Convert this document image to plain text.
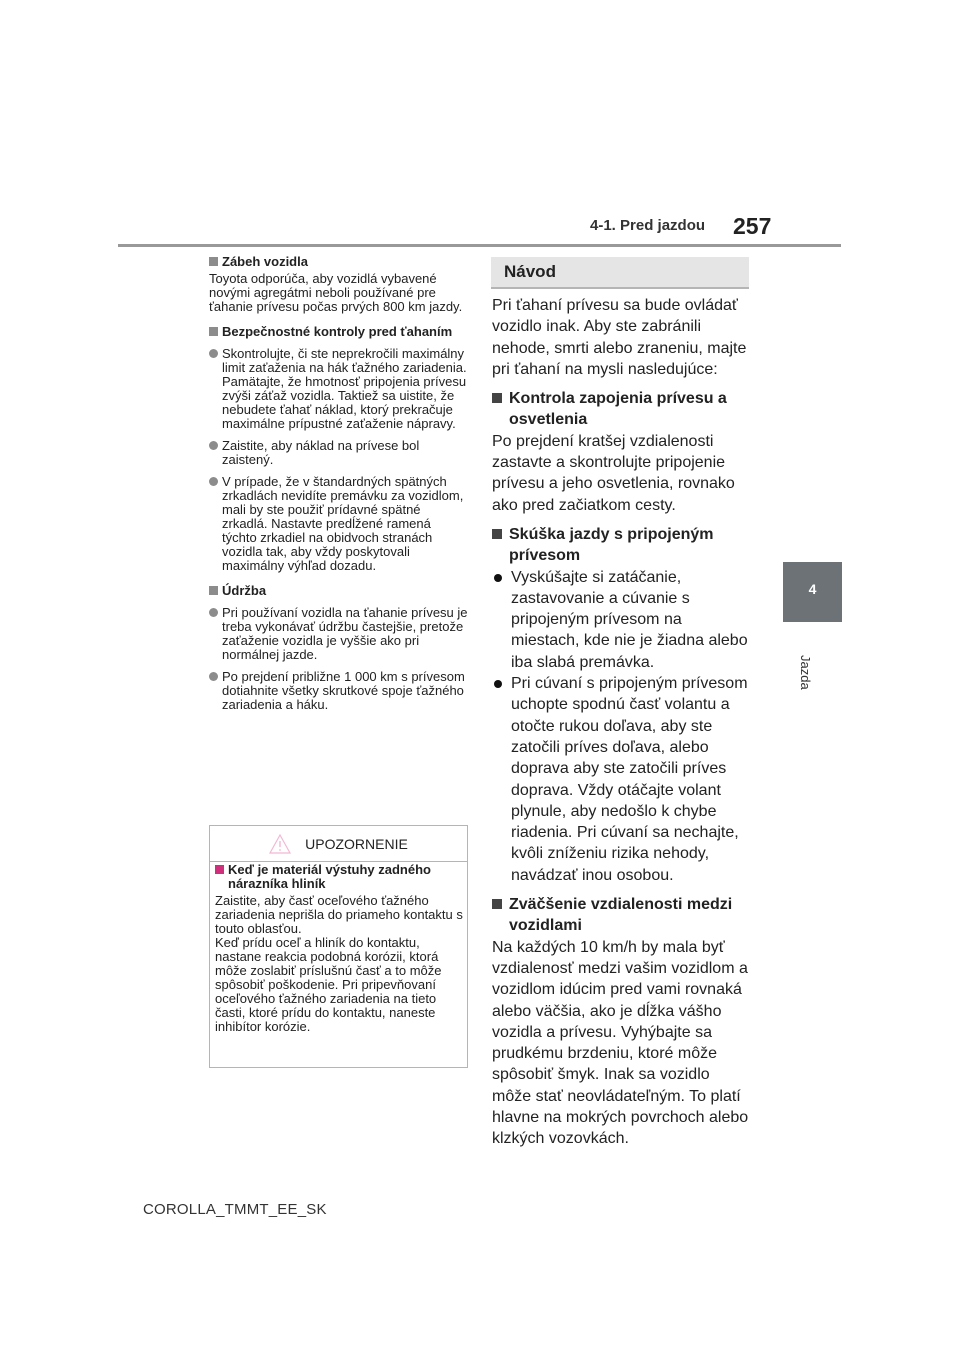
4-1. Pred jazdou 257
4
Jazda
Zábeh vozidla
Toyota odporúča, aby vozidlá vybavené novými agregátmi neboli používané pre ťahanie prívesu počas prvých 800 km jazdy.
Bezpečnostné kontroly pred ťahaním
Skontrolujte, či ste neprekročili maximálny limit zaťaženia na hák ťažného zariadenia. Pamätajte, že hmotnosť pripojenia prívesu zvýši záťaž vozidla. Taktiež sa uistite, že nebudete ťahať náklad, ktorý prekračuje maximálne prípustné zaťaženie nápravy.
Zaistite, aby náklad na prívese bol zaistený.
V prípade, že v štandardných spätných zrkadlách nevidíte premávku za vozidlom, mali by ste použiť prídavné spätné zrkadlá. Nastavte predĺžené ramená týchto zrkadiel na obidvoch stranách vozidla tak, aby vždy poskytovali maximálny výhľad dozadu.
Údržba
Pri používaní vozidla na ťahanie prívesu je treba vykonávať údržbu častejšie, pretože zaťaženie vozidla je vyššie ako pri normálnej jazde.
Po prejdení približne 1 000 km s prívesom dotiahnite všetky skrutkové spoje ťažného zariadenia a háku.
UPOZORNENIE
Keď je materiál výstuhy zadného nárazníka hliník
Zaistite, aby časť oceľového ťažného zariadenia neprišla do priameho kontaktu s touto oblasťou.
Keď prídu oceľ a hliník do kontaktu, nastane reakcia podobná korózii, ktorá môže zoslabiť príslušnú časť a to môže spôsobiť poškodenie. Pri pripevňovaní oceľového ťažného zariadenia na tieto časti, ktoré prídu do kontaktu, naneste inhibítor korózie.
Návod
Pri ťahaní prívesu sa bude ovládať vozidlo inak. Aby ste zabránili nehode, smrti alebo zraneniu, majte pri ťahaní na mysli nasledujúce:
Kontrola zapojenia prívesu a osvetlenia
Po prejdení kratšej vzdialenosti zastavte a skontrolujte pripojenie prívesu a jeho osvetlenia, rovnako ako pred začiatkom cesty.
Skúška jazdy s pripojeným prívesom
Vyskúšajte si zatáčanie, zastavovanie a cúvanie s pripojeným prívesom na miestach, kde nie je žiadna alebo iba slabá premávka.
Pri cúvaní s pripojeným prívesom uchopte spodnú časť volantu a otočte rukou doľava, aby ste zatočili príves doľava, alebo doprava aby ste zatočili príves doprava. Vždy otáčajte volant plynule, aby nedošlo k chybe riadenia. Pri cúvaní sa nechajte, kvôli zníženiu rizika nehody, navádzať inou osobou.
Zväčšenie vzdialenosti medzi vozidlami
Na každých 10 km/h by mala byť vzdialenosť medzi vašim vozidlom a vozidlom idúcim pred vami rovnaká alebo väčšia, ako je dĺžka vášho vozidla a prívesu. Vyhýbajte sa prudkému brzdeniu, ktoré môže spôsobiť šmyk. Inak sa vozidlo môže stať neovládateľným. To platí hlavne na mokrých povrchoch alebo klzkých vozovkách.
COROLLA_TMMT_EE_SK
